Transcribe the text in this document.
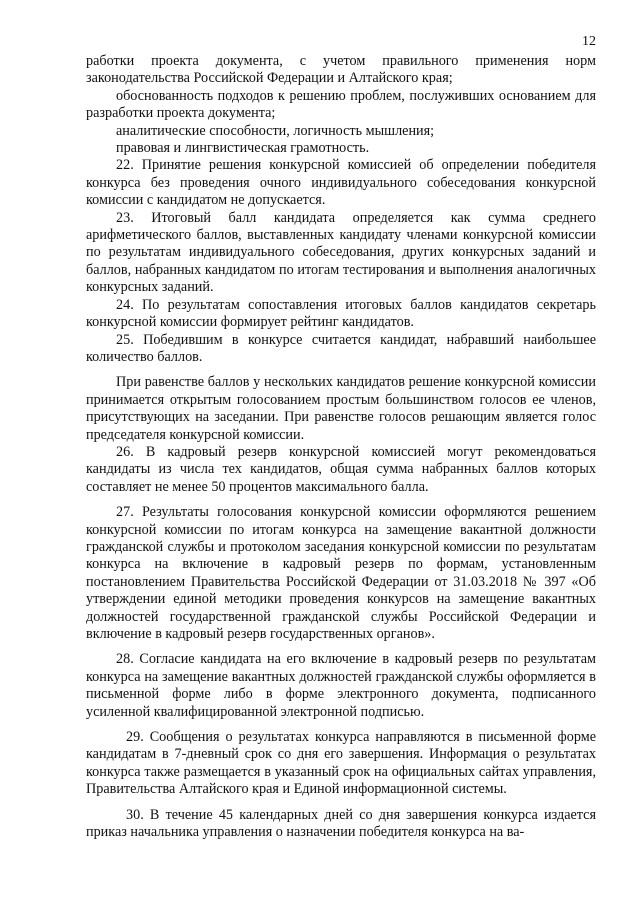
12

работки проекта документа, с учетом правильного применения норм законодательства Российской Федерации и Алтайского края;

обоснованность подходов к решению проблем, послуживших основанием для разработки проекта документа;

аналитические способности, логичность мышления;

правовая и лингвистическая грамотность.

22. Принятие решения конкурсной комиссией об определении победителя конкурса без проведения очного индивидуального собеседования конкурсной комиссии с кандидатом не допускается.

23. Итоговый балл кандидата определяется как сумма среднего арифметического баллов, выставленных кандидату членами конкурсной комиссии по результатам индивидуального собеседования, других конкурсных заданий и баллов, набранных кандидатом по итогам тестирования и выполнения аналогичных конкурсных заданий.

24. По результатам сопоставления итоговых баллов кандидатов секретарь конкурсной комиссии формирует рейтинг кандидатов.

25. Победившим в конкурсе считается кандидат, набравший наибольшее количество баллов.

При равенстве баллов у нескольких кандидатов решение конкурсной комиссии принимается открытым голосованием простым большинством голосов ее членов, присутствующих на заседании. При равенстве голосов решающим является голос председателя конкурсной комиссии.

26. В кадровый резерв конкурсной комиссией могут рекомендоваться кандидаты из числа тех кандидатов, общая сумма набранных баллов которых составляет не менее 50 процентов максимального балла.

27. Результаты голосования конкурсной комиссии оформляются решением конкурсной комиссии по итогам конкурса на замещение вакантной должности гражданской службы и протоколом заседания конкурсной комиссии по результатам конкурса на включение в кадровый резерв по формам, установленным постановлением Правительства Российской Федерации от 31.03.2018 № 397 «Об утверждении единой методики проведения конкурсов на замещение вакантных должностей государственной гражданской службы Российской Федерации и включение в кадровый резерв государственных органов».

28. Согласие кандидата на его включение в кадровый резерв по результатам конкурса на замещение вакантных должностей гражданской службы оформляется в письменной форме либо в форме электронного документа, подписанного усиленной квалифицированной электронной подписью.

29. Сообщения о результатах конкурса направляются в письменной форме кандидатам в 7-дневный срок со дня его завершения. Информация о результатах конкурса также размещается в указанный срок на официальных сайтах управления, Правительства Алтайского края и Единой информационной системы.

30. В течение 45 календарных дней со дня завершения конкурса издается приказ начальника управления о назначении победителя конкурса на ва-
